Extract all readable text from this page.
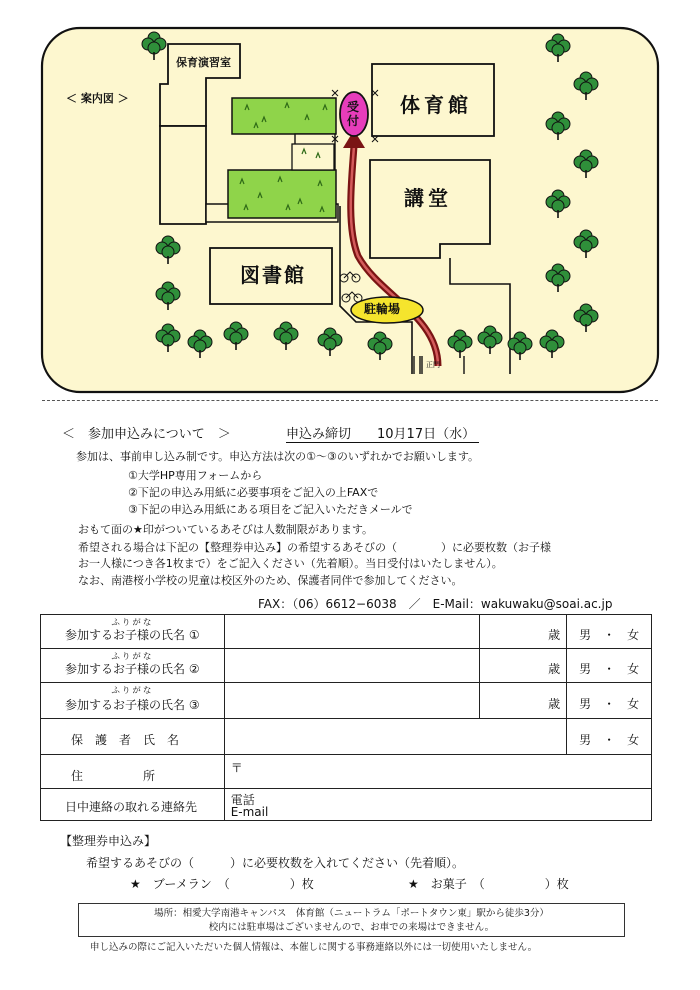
＜ 案内図 ＞
保育演習室
体育館
講堂
図書館
受付
駐輪場
正門
＜　参加申込みについて　＞	申込み締切　　10月17日（水）
参加は、事前申し込み制です。申込方法は次の①～③のいずれかでお願いします。
①大学HP専用フォームから
②下記の申込み用紙に必要事項をご記入の上FAXで
③下記の申込み用紙にある項目をご記入いただきメールで
おもて面の★印がついているあそびは人数制限があります。
希望される場合は下記の【整理券申込み】の希望するあそびの（　　　　）に必要枚数（お子様
お一人様につき各1枚まで）をご記入ください（先着順）。当日受付はいたしません）。
なお、南港桜小学校の児童は校区外のため、保護者同伴で参加してください。
FAX：（06）6612−6038　／　E-Mail：wakuwaku@soai.ac.jp
ふりがな
参加するお子様の氏名 ①		歳	男　・　女

ふりがな
参加するお子様の氏名 ②		歳	男　・　女

ふりがな
参加するお子様の氏名 ③		歳	男　・　女

保　護　者　氏　名			男　・　女

住　　　　　所	〒		

日中連絡の取れる連絡先	電話
E-mail		
【整理券申込み】
希望するあそびの（　　　）に必要枚数を入れてください（先着順）。
★　ブーメラン　（　　　　　）枚	★　お菓子　（　　　　　）枚
場所：相愛大学南港キャンパス　体育館（ニュートラム「ポートタウン東」駅から徒歩3分）
校内には駐車場はございませんので、お車での来場はできません。
申し込みの際にご記入いただいた個人情報は、本催しに関する事務連絡以外には一切使用いたしません。
